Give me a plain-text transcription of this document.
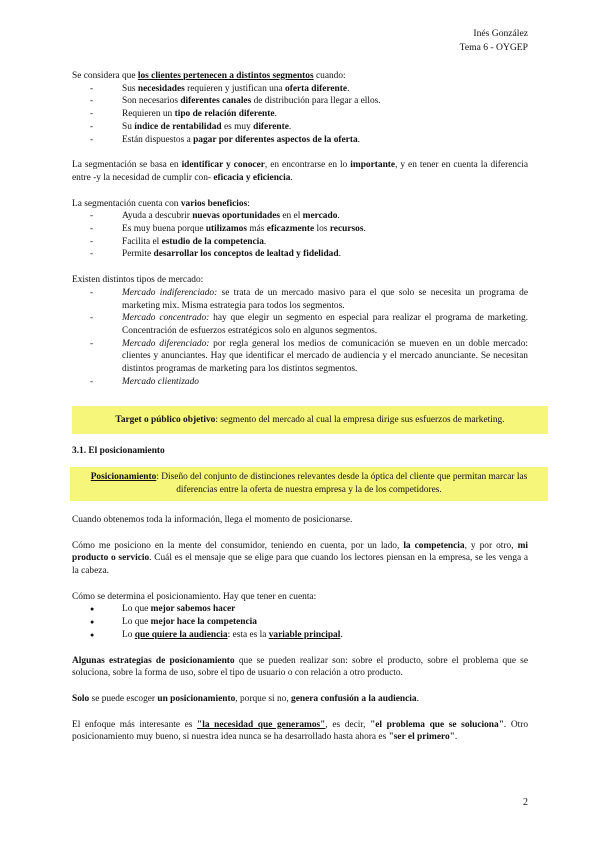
Inés González
Tema 6 - OYGEP

Se considera que los clientes pertenecen a distintos segmentos cuando:

- Sus necesidades requieren y justifican una oferta diferente.
- Son necesarios diferentes canales de distribución para llegar a ellos.
- Requieren un tipo de relación diferente.
- Su índice de rentabilidad es muy diferente.
- Están dispuestos a pagar por diferentes aspectos de la oferta.

La segmentación se basa en identificar y conocer, en encontrarse en lo importante, y en tener en cuenta la diferencia entre -y la necesidad de cumplir con- eficacia y eficiencia.

La segmentación cuenta con varios beneficios:

- Ayuda a descubrir nuevas oportunidades en el mercado.
- Es muy buena porque utilizamos más eficazmente los recursos.
- Facilita el estudio de la competencia.
- Permite desarrollar los conceptos de lealtad y fidelidad.

Existen distintos tipos de mercado:

- Mercado indiferenciado: se trata de un mercado masivo para el que solo se necesita un programa de marketing mix. Misma estrategia para todos los segmentos.
- Mercado concentrado: hay que elegir un segmento en especial para realizar el programa de marketing. Concentración de esfuerzos estratégicos solo en algunos segmentos.
- Mercado diferenciado: por regla general los medios de comunicación se mueven en un doble mercado: clientes y anunciantes. Hay que identificar el mercado de audiencia y el mercado anunciante. Se necesitan distintos programas de marketing para los distintos segmentos.
- Mercado clientizado
Target o público objetivo: segmento del mercado al cual la empresa dirige sus esfuerzos de marketing.

3.1. El posicionamiento

Posicionamiento: Diseño del conjunto de distinciones relevantes desde la óptica del cliente que permitan marcar las diferencias entre la oferta de nuestra empresa y la de los competidores.

Cuando obtenemos toda la información, llega el momento de posicionarse.

Cómo me posiciono en la mente del consumidor, teniendo en cuenta, por un lado, la competencia, y por otro, mi producto o servicio. Cuál es el mensaje que se elige para que cuando los lectores piensan en la empresa, se les venga a la cabeza.

Cómo se determina el posicionamiento. Hay que tener en cuenta:

● Lo que mejor sabemos hacer
● Lo que mejor hace la competencia
● Lo que quiere la audiencia: esta es la variable principal.

Algunas estrategias de posicionamiento que se pueden realizar son: sobre el producto, sobre el problema que se soluciona, sobre la forma de uso, sobre el tipo de usuario o con relación a otro producto.

Solo se puede escoger un posicionamiento, porque si no, genera confusión a la audiencia.

El enfoque más interesante es "la necesidad que generamos", es decir, "el problema que se soluciona". Otro posicionamiento muy bueno, si nuestra idea nunca se ha desarrollado hasta ahora es "ser el primero".

2
